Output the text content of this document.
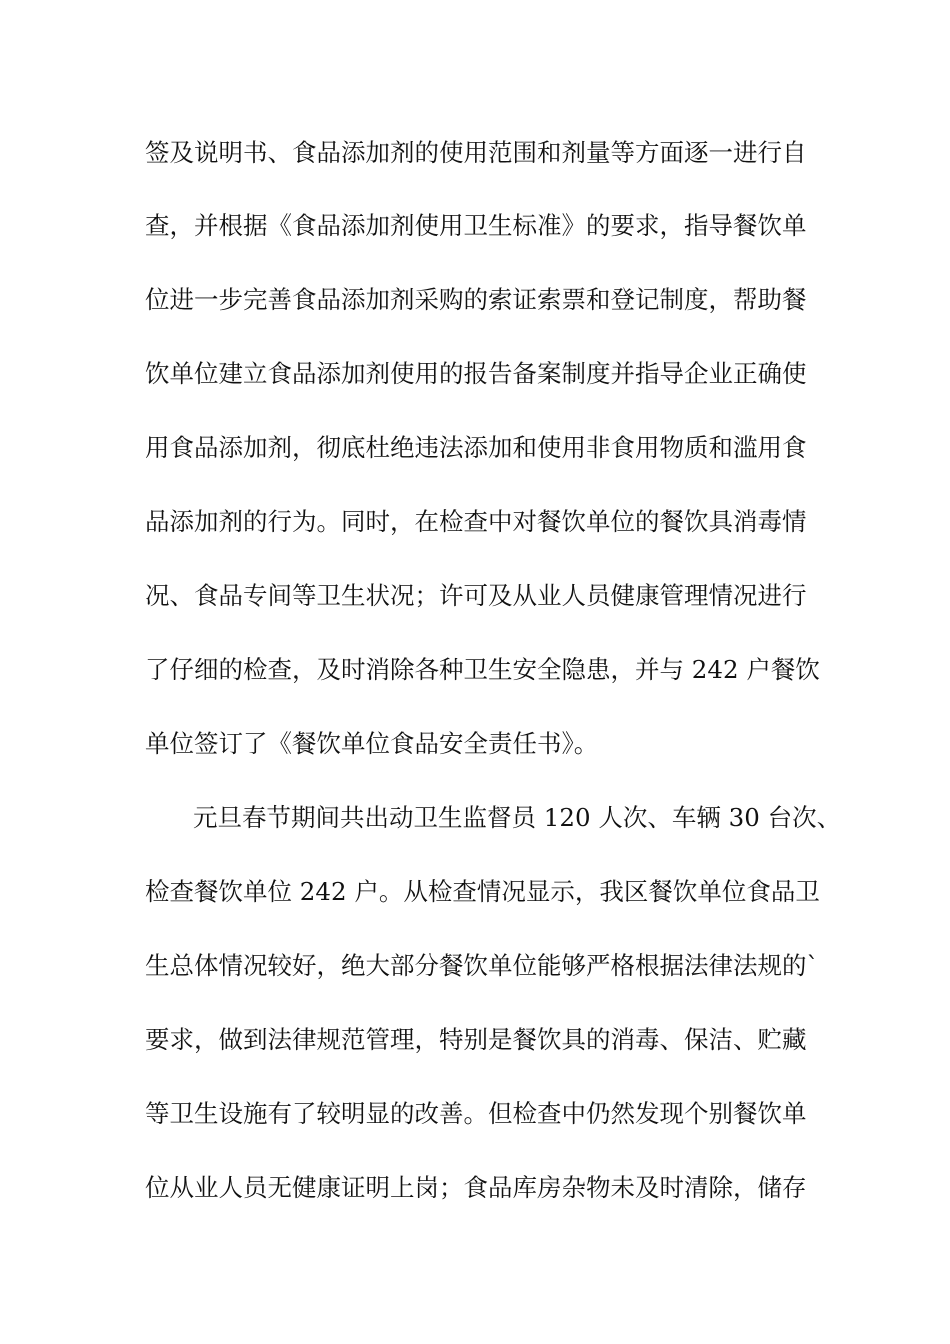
签及说明书、食品添加剂的使用范围和剂量等方面逐一进行自
查，并根据《食品添加剂使用卫生标准》的要求，指导餐饮单
位进一步完善食品添加剂采购的索证索票和登记制度，帮助餐
饮单位建立食品添加剂使用的报告备案制度并指导企业正确使
用食品添加剂，彻底杜绝违法添加和使用非食用物质和滥用食
品添加剂的行为。同时，在检查中对餐饮单位的餐饮具消毒情
况、食品专间等卫生状况；许可及从业人员健康管理情况进行
了仔细的检查，及时消除各种卫生安全隐患，并与 242 户餐饮
单位签订了《餐饮单位食品安全责任书》。
元旦春节期间共出动卫生监督员 120 人次、车辆 30 台次、
检查餐饮单位 242 户。从检查情况显示，我区餐饮单位食品卫
生总体情况较好，绝大部分餐饮单位能够严格根据法律法规的`
要求，做到法律规范管理，特别是餐饮具的消毒、保洁、贮藏
等卫生设施有了较明显的改善。但检查中仍然发现个别餐饮单
位从业人员无健康证明上岗；食品库房杂物未及时清除，储存
